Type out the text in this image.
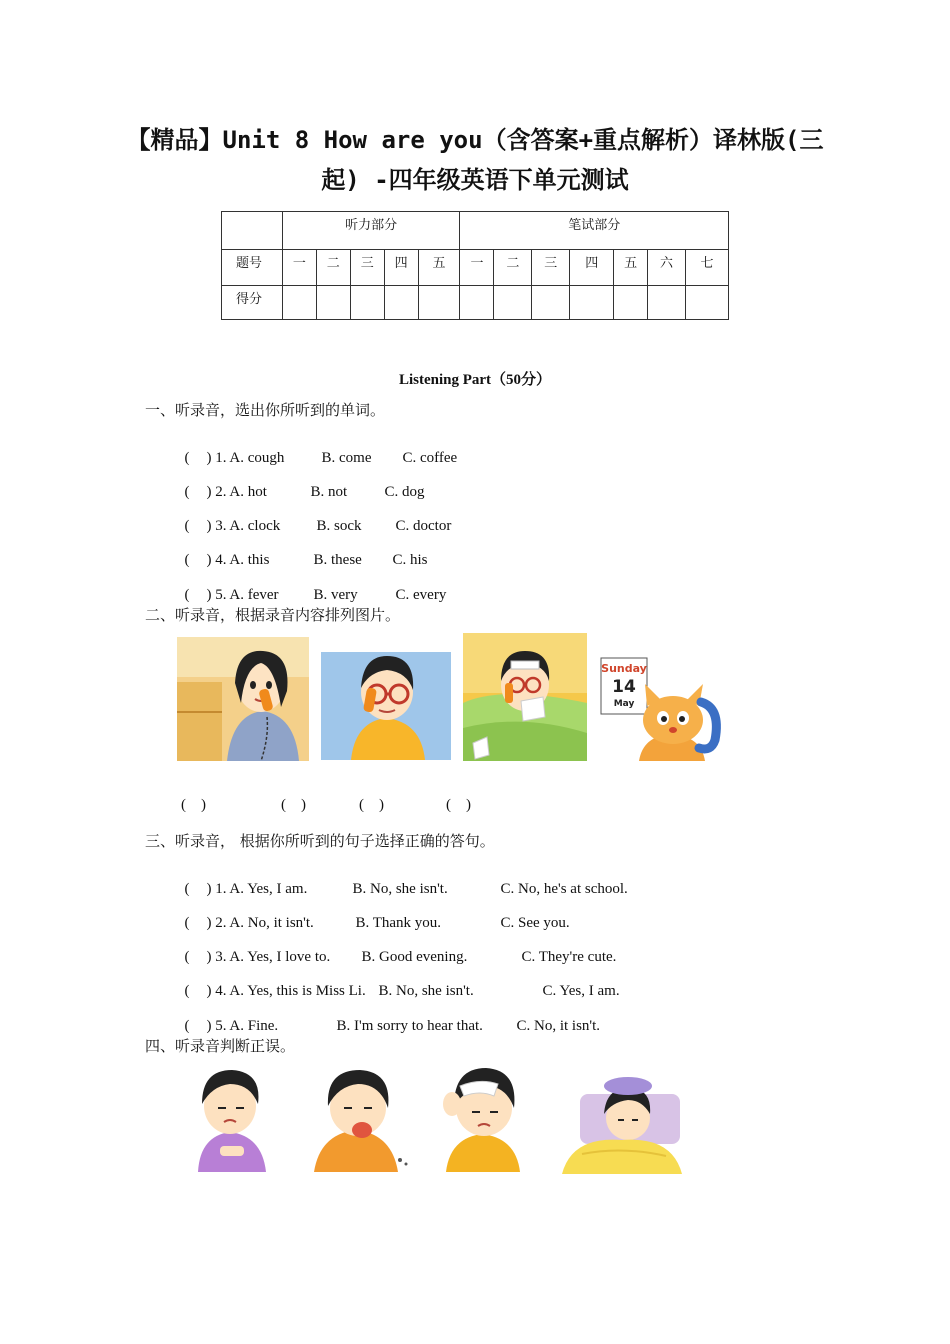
【精品】Unit 8 How are you（含答案+重点解析）译林版(三
起) -四年级英语下单元测试
	听力部分					笔试部分						
题号	一	二	三	四	五	一	二	三	四	五	六	七
得分												
Listening Part（50分）
一、听录音，选出你所听到的单词。

( ) 1. A. cough B. come C. coffee

( ) 2. A. hot	B. not C. dog

( ) 3. A. clock B. sock C. doctor

( ) 4. A. this	B. these C. his

( ) 5. A. fever B. very	C. every

二、听录音，根据录音内容排列图片。
Sunday
14
May
(    )	(    )	(    )	(    )
三、听录音， 根据你所听到的句子选择正确的答句。

( ) 1. A. Yes, I am.	B. No, she isn't.	C. No, he's at school.

( ) 2. A. No, it isn't.	B. Thank you.	C. See you.

( ) 3. A. Yes, I love to. B. Good evening.	C. They're cute.

( ) 4. A. Yes, this is Miss Li. B. No, she isn't.	C. Yes, I am.

( ) 5. A. Fine.	B. I'm sorry to hear that. C. No, it isn't.

四、听录音判断正误。
